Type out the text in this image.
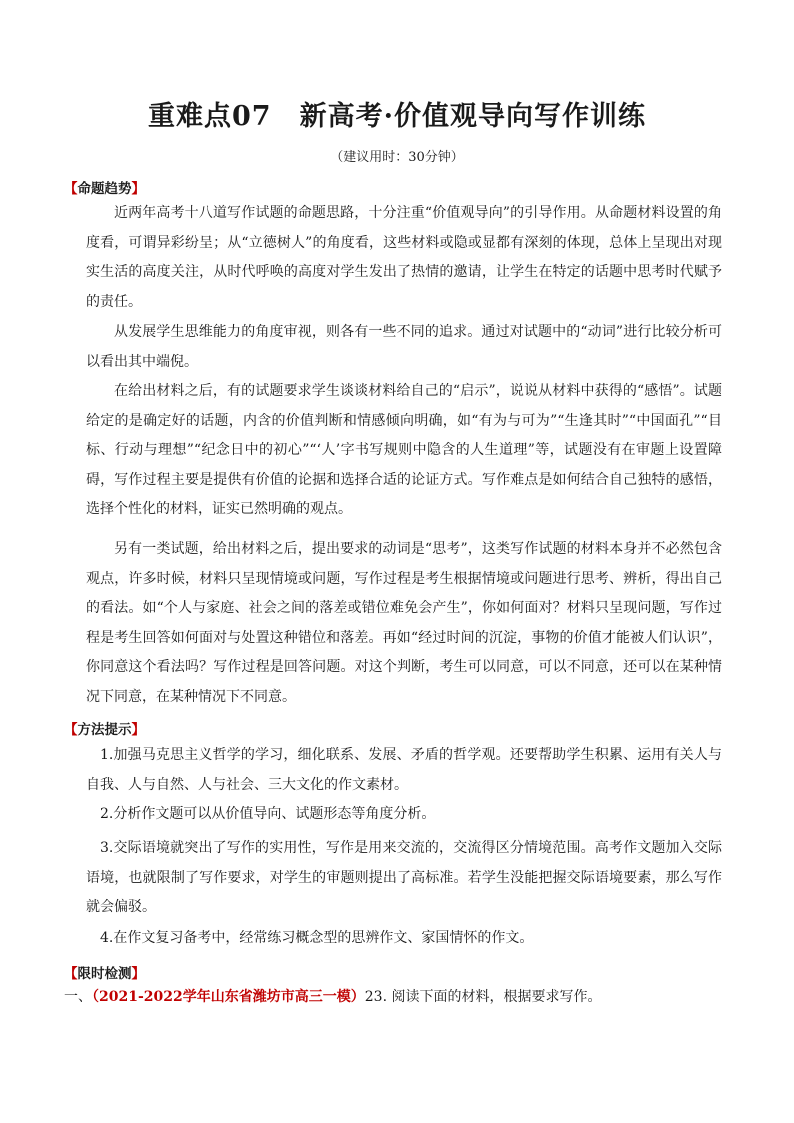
重难点07　新高考·价值观导向写作训练
（建议用时：30分钟）
【命题趋势】

近两年高考十八道写作试题的命题思路，十分注重“价值观导向”的引导作用。从命题材料设置的角度看，可谓异彩纷呈；从“立德树人”的角度看，这些材料或隐或显都有深刻的体现，总体上呈现出对现实生活的高度关注，从时代呼唤的高度对学生发出了热情的邀请，让学生在特定的话题中思考时代赋予的责任。

从发展学生思维能力的角度审视，则各有一些不同的追求。通过对试题中的“动词”进行比较分析可以看出其中端倪。

在给出材料之后，有的试题要求学生谈谈材料给自己的“启示”，说说从材料中获得的“感悟”。试题给定的是确定好的话题，内含的价值判断和情感倾向明确，如“有为与可为”“生逢其时”“中国面孔”“目标、行动与理想”“纪念日中的初心”“‘人’字书写规则中隐含的人生道理”等，试题没有在审题上设置障碍，写作过程主要是提供有价值的论据和选择合适的论证方式。写作难点是如何结合自己独特的感悟，选择个性化的材料，证实已然明确的观点。

另有一类试题，给出材料之后，提出要求的动词是“思考”，这类写作试题的材料本身并不必然包含观点，许多时候，材料只呈现情境或问题，写作过程是考生根据情境或问题进行思考、辨析，得出自己的看法。如“个人与家庭、社会之间的落差或错位难免会产生”，你如何面对？材料只呈现问题，写作过程是考生回答如何面对与处置这种错位和落差。再如“经过时间的沉淀，事物的价值才能被人们认识”，你同意这个看法吗？写作过程是回答问题。对这个判断，考生可以同意，可以不同意，还可以在某种情况下同意，在某种情况下不同意。

【方法提示】

1.加强马克思主义哲学的学习，细化联系、发展、矛盾的哲学观。还要帮助学生积累、运用有关人与自我、人与自然、人与社会、三大文化的作文素材。

2.分析作文题可以从价值导向、试题形态等角度分析。

3.交际语境就突出了写作的实用性，写作是用来交流的，交流得区分情境范围。高考作文题加入交际语境，也就限制了写作要求，对学生的审题则提出了高标准。若学生没能把握交际语境要素，那么写作就会偏驳。

4.在作文复习备考中，经常练习概念型的思辨作文、家国情怀的作文。

【限时检测】
一、（2021-2022学年山东省潍坊市高三一模）23. 阅读下面的材料，根据要求写作。
